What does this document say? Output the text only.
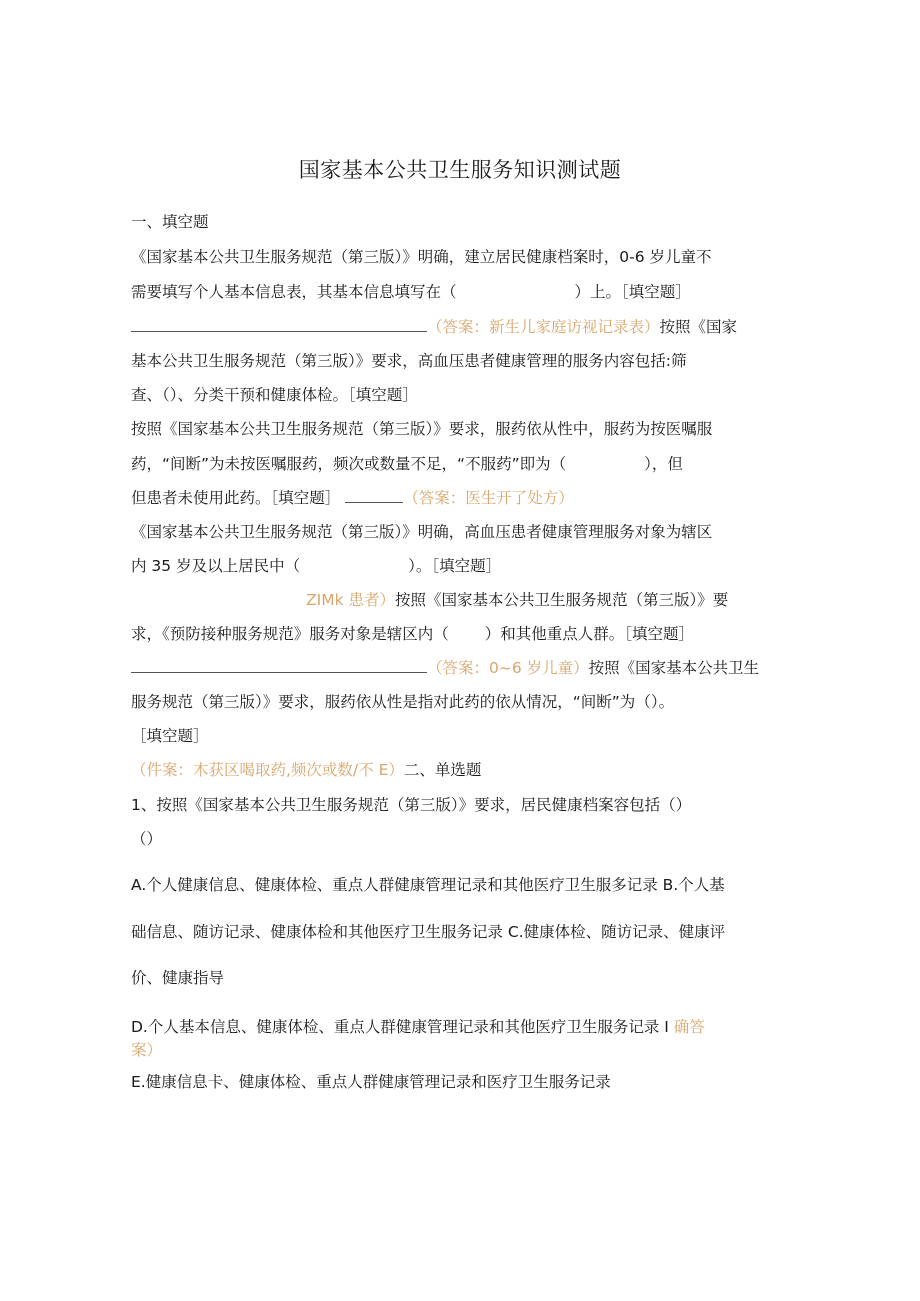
国家基本公共卫生服务知识测试题
一、填空题
《国家基本公共卫生服务规范（第三版）》明确，建立居民健康档案时，0-6 岁儿童不
需要填写个人基本信息表，其基本信息填写在（	）上。［填空题］
（答案：新生儿家庭访视记录表）按照《国家
基本公共卫生服务规范（第三版）》要求，高血压患者健康管理的服务内容包括:筛
查、（）、分类干预和健康体检。［填空题］
按照《国家基本公共卫生服务规范（第三版）》要求，服药依从性中，服药为按医嘱服
药，“间断”为未按医嘱服药，频次或数量不足，“不服药”即为（	），但
但患者未使用此药。［填空题］	（答案：医生开了处方）
《国家基本公共卫生服务规范（第三版）》明确，高血压患者健康管理服务对象为辖区
内 35 岁及以上居民中（	）。［填空题］
ZIMk 患者）按照《国家基本公共卫生服务规范（第三版）》要
求，《预防接种服务规范》服务对象是辖区内（ ）和其他重点人群。［填空题］
（答案：0~6 岁儿童）按照《国家基本公共卫生
服务规范（第三版）》要求，服药依从性是指对此药的依从情况，“间断”为（）。
［填空题］
（件案：木获区喝取药,频次或数/不 E）二、单选题
1、按照《国家基本公共卫生服务规范（第三版）》要求，居民健康档案容包括（）
（）
A.个人健康信息、健康体检、重点人群健康管理记录和其他医疗卫生服多记录 B.个人基
础信息、随访记录、健康体检和其他医疗卫生服务记录 C.健康体检、随访记录、健康评
价、健康指导
D.个人基本信息、健康体检、重点人群健康管理记录和其他医疗卫生服务记录 I 确答
案）
E.健康信息卡、健康体检、重点人群健康管理记录和医疗卫生服务记录
